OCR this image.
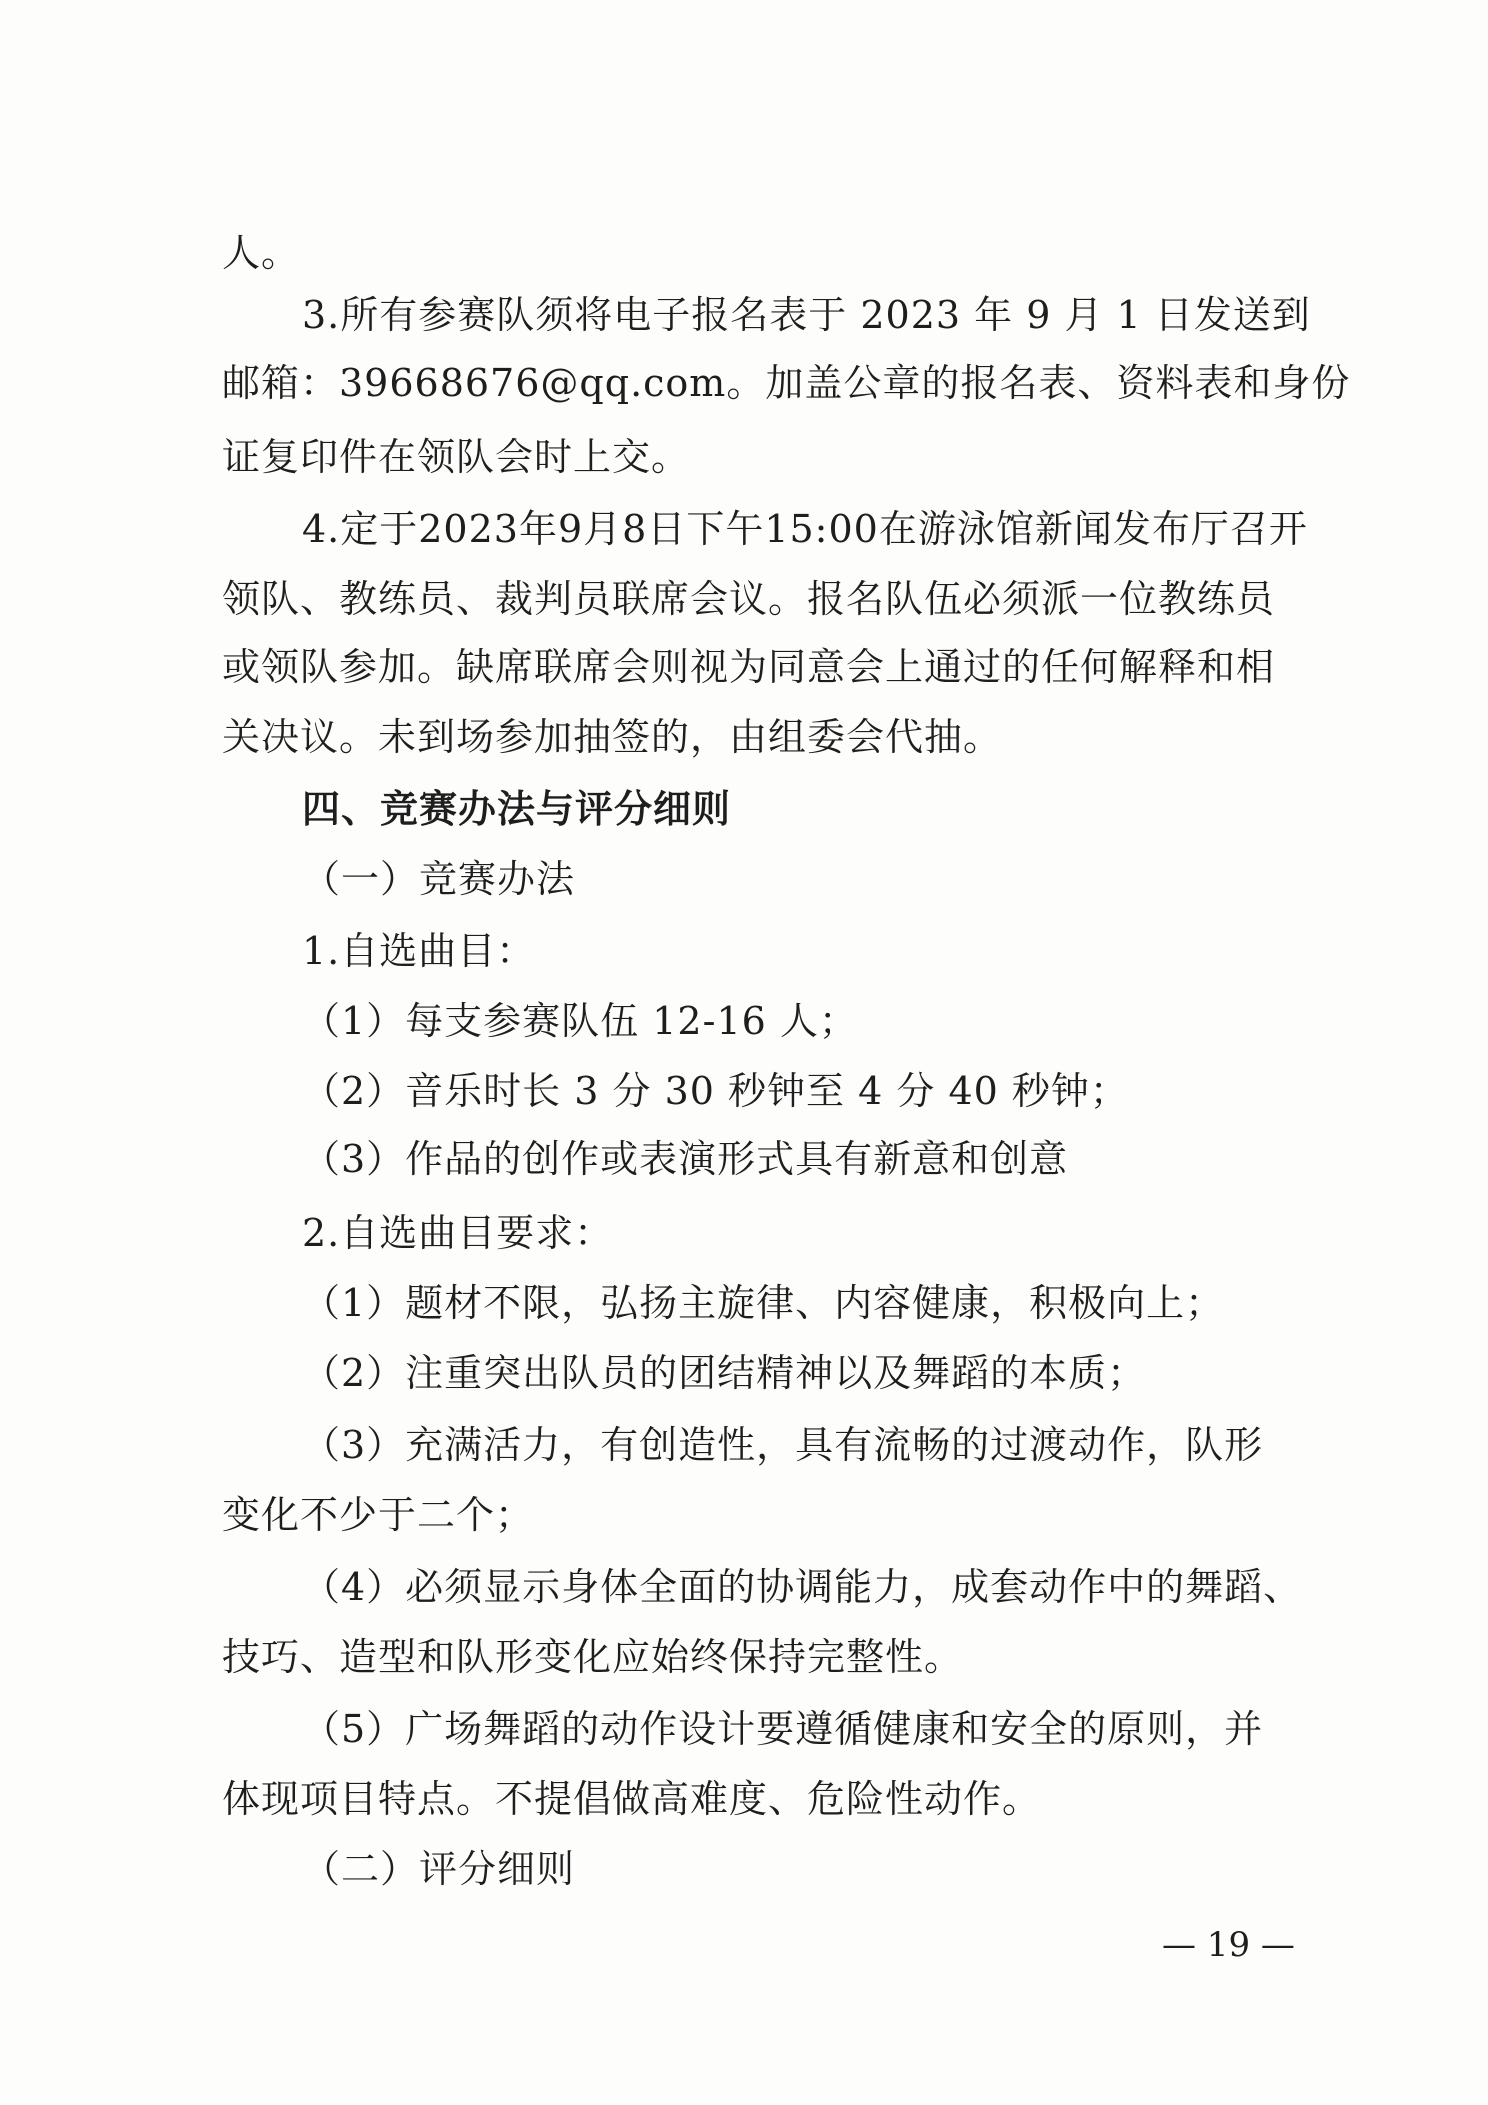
人。
3.所有参赛队须将电子报名表于 2023 年 9 月 1 日发送到
邮箱：39668676@qq.com。加盖公章的报名表、资料表和身份
证复印件在领队会时上交。
4.定于2023年9月8日下午15:00在游泳馆新闻发布厅召开
领队、教练员、裁判员联席会议。报名队伍必须派一位教练员
或领队参加。缺席联席会则视为同意会上通过的任何解释和相
关决议。未到场参加抽签的，由组委会代抽。
四、竞赛办法与评分细则
（一）竞赛办法
1.自选曲目：
（1）每支参赛队伍 12-16 人；
（2）音乐时长 3 分 30 秒钟至 4 分 40 秒钟；
（3）作品的创作或表演形式具有新意和创意
2.自选曲目要求：
（1）题材不限，弘扬主旋律、内容健康，积极向上；
（2）注重突出队员的团结精神以及舞蹈的本质；
（3）充满活力，有创造性，具有流畅的过渡动作，队形
变化不少于二个；
（4）必须显示身体全面的协调能力，成套动作中的舞蹈、
技巧、造型和队形变化应始终保持完整性。
（5）广场舞蹈的动作设计要遵循健康和安全的原则，并
体现项目特点。不提倡做高难度、危险性动作。
（二）评分细则
— 19 —
